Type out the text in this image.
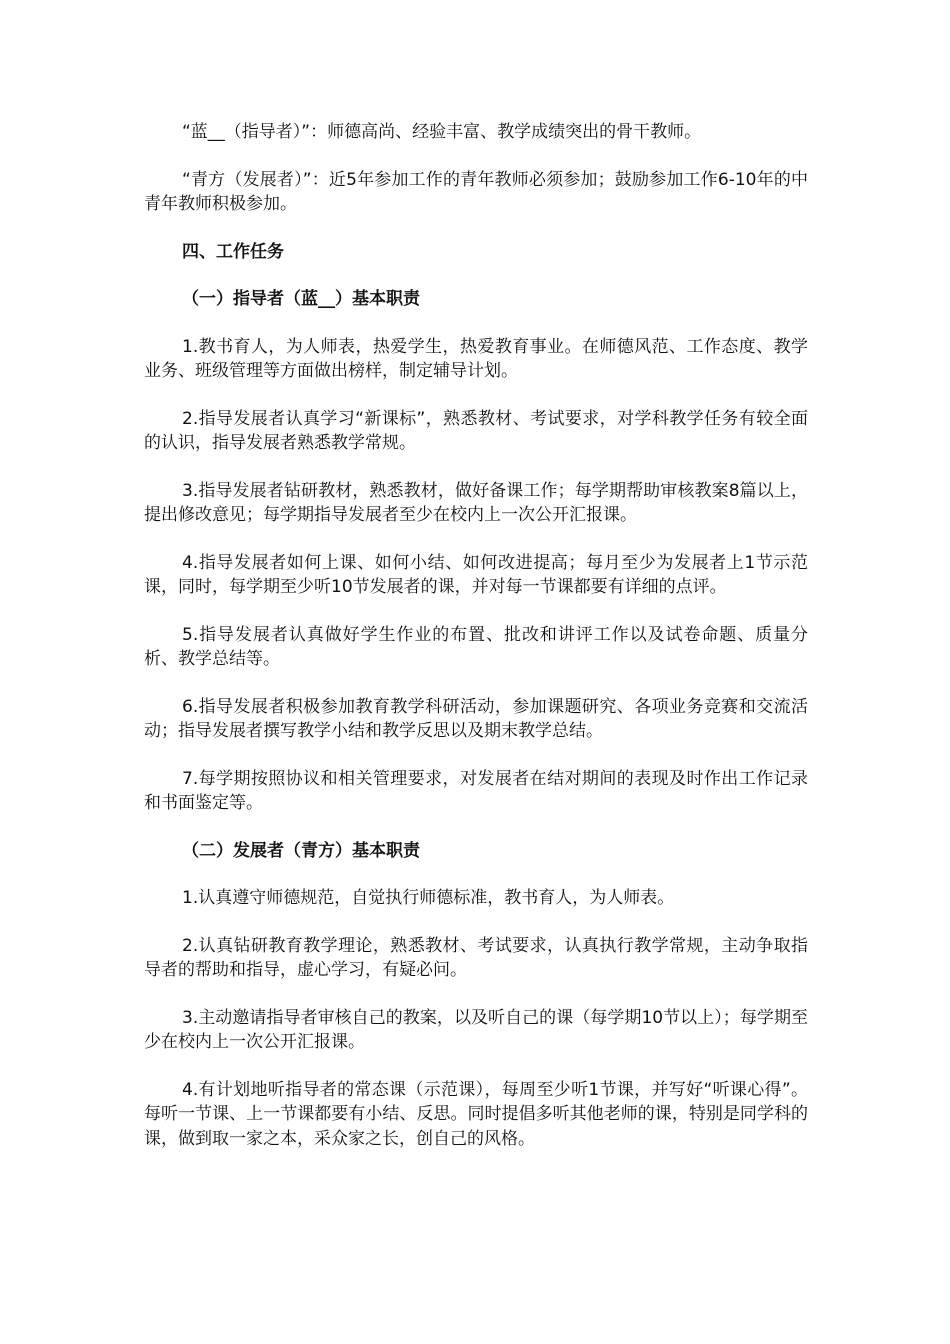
“蓝__（指导者）”：师德高尚、经验丰富、教学成绩突出的骨干教师。

“青方（发展者）”：近5年参加工作的青年教师必须参加；鼓励参加工作6-10年的中青年教师积极参加。

四、工作任务

（一）指导者（蓝__）基本职责

1.教书育人，为人师表，热爱学生，热爱教育事业。在师德风范、工作态度、教学业务、班级管理等方面做出榜样，制定辅导计划。

2.指导发展者认真学习“新课标”，熟悉教材、考试要求，对学科教学任务有较全面的认识，指导发展者熟悉教学常规。

3.指导发展者钻研教材，熟悉教材，做好备课工作；每学期帮助审核教案8篇以上，提出修改意见；每学期指导发展者至少在校内上一次公开汇报课。

4.指导发展者如何上课、如何小结、如何改进提高；每月至少为发展者上1节示范课，同时，每学期至少听10节发展者的课，并对每一节课都要有详细的点评。

5.指导发展者认真做好学生作业的布置、批改和讲评工作以及试卷命题、质量分析、教学总结等。

6.指导发展者积极参加教育教学科研活动，参加课题研究、各项业务竞赛和交流活动；指导发展者撰写教学小结和教学反思以及期末教学总结。

7.每学期按照协议和相关管理要求，对发展者在结对期间的表现及时作出工作记录和书面鉴定等。

（二）发展者（青方）基本职责

1.认真遵守师德规范，自觉执行师德标准，教书育人，为人师表。

2.认真钻研教育教学理论，熟悉教材、考试要求，认真执行教学常规，主动争取指导者的帮助和指导，虚心学习，有疑必问。

3.主动邀请指导者审核自己的教案，以及听自己的课（每学期10节以上）；每学期至少在校内上一次公开汇报课。

4.有计划地听指导者的常态课（示范课），每周至少听1节课，并写好“听课心得”。每听一节课、上一节课都要有小结、反思。同时提倡多听其他老师的课，特别是同学科的课，做到取一家之本，采众家之长，创自己的风格。
